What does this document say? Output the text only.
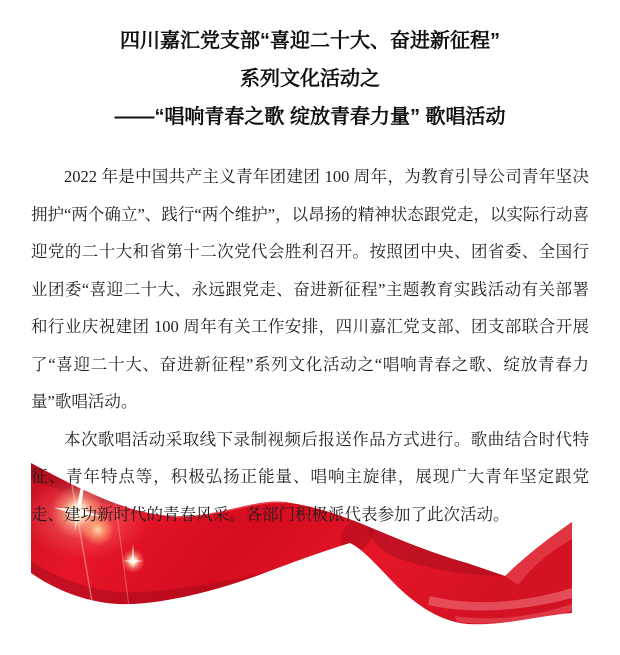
四川嘉汇党支部“喜迎二十大、奋进新征程”
系列文化活动之
——“唱响青春之歌 绽放青春力量” 歌唱活动

2022 年是中国共产主义青年团建团 100 周年，为教育引导公司青年坚决拥护“两个确立”、践行“两个维护”，以昂扬的精神状态跟党走，以实际行动喜迎党的二十大和省第十二次党代会胜利召开。按照团中央、团省委、全国行业团委“喜迎二十大、永远跟党走、奋进新征程”主题教育实践活动有关部署和行业庆祝建团 100 周年有关工作安排，四川嘉汇党支部、团支部联合开展了“喜迎二十大、奋进新征程”系列文化活动之“唱响青春之歌、绽放青春力量”歌唱活动。

本次歌唱活动采取线下录制视频后报送作品方式进行。歌曲结合时代特征、青年特点等，积极弘扬正能量、唱响主旋律，展现广大青年坚定跟党走、建功新时代的青春风采。各部门积极派代表参加了此次活动。
